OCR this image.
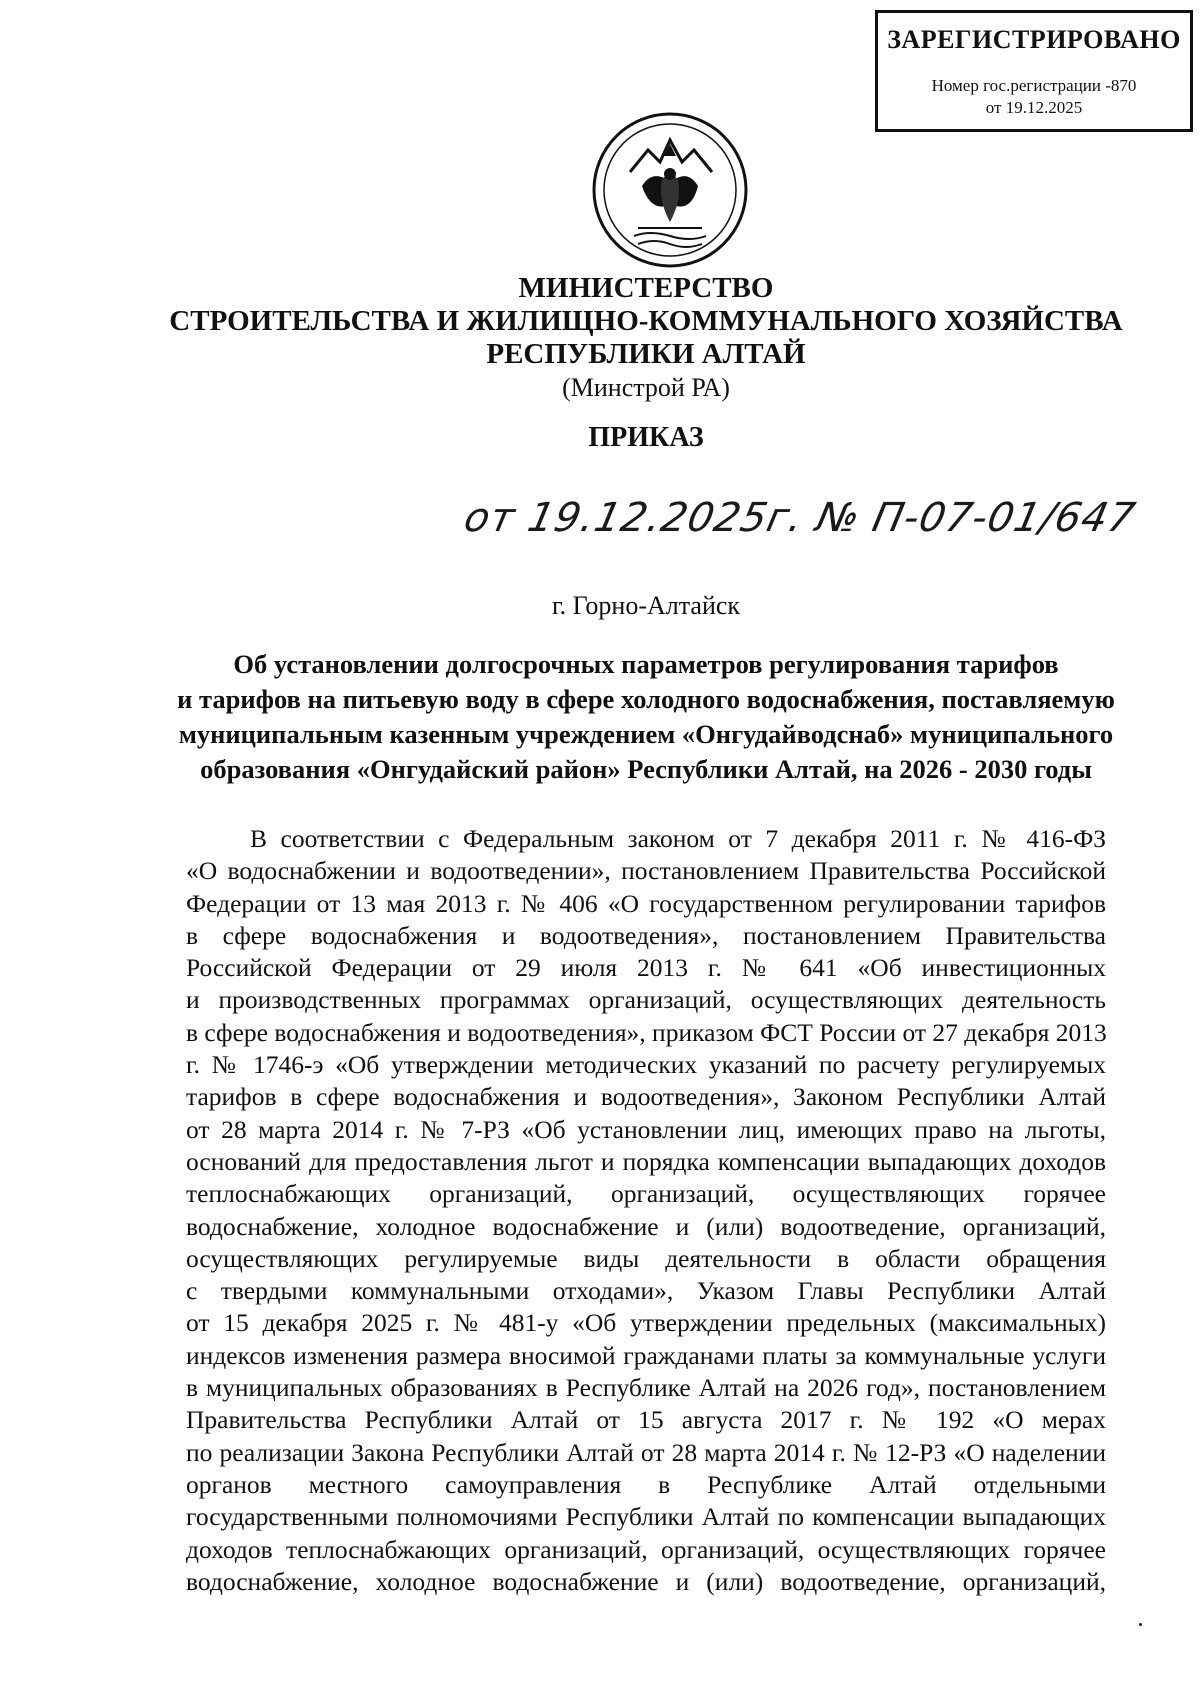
ЗАРЕГИСТРИРОВАНО
Номер гос.регистрации -870
от 19.12.2025

МИНИСТЕРСТВО

СТРОИТЕЛЬСТВА И ЖИЛИЩНО-КОММУНАЛЬНОГО ХОЗЯЙСТВА

РЕСПУБЛИКИ АЛТАЙ

(Минстрой РА)

ПРИКАЗ
от 19.12.2025г. № П-07-01/647
г. Горно-Алтайск
Об установлении долгосрочных параметров регулирования тарифов
и тарифов на питьевую воду в сфере холодного водоснабжения, поставляемую
муниципальным казенным учреждением «Онгудайводснаб» муниципального
образования «Онгудайский район» Республики Алтай, на 2026 - 2030 годы
В соответствии с Федеральным законом от 7 декабря 2011 г. № 416-ФЗ
«О водоснабжении и водоотведении», постановлением Правительства Российской
Федерации от 13 мая 2013 г. № 406 «О государственном регулировании тарифов
в сфере водоснабжения и водоотведения», постановлением Правительства
Российской Федерации от 29 июля 2013 г. № 641 «Об инвестиционных
и производственных программах организаций, осуществляющих деятельность
в сфере водоснабжения и водоотведения», приказом ФСТ России от 27 декабря 2013
г. № 1746-э «Об утверждении методических указаний по расчету регулируемых
тарифов в сфере водоснабжения и водоотведения», Законом Республики Алтай
от 28 марта 2014 г. № 7-РЗ «Об установлении лиц, имеющих право на льготы,
оснований для предоставления льгот и порядка компенсации выпадающих доходов
теплоснабжающих организаций, организаций, осуществляющих горячее
водоснабжение, холодное водоснабжение и (или) водоотведение, организаций,
осуществляющих регулируемые виды деятельности в области обращения
с твердыми коммунальными отходами», Указом Главы Республики Алтай
от 15 декабря 2025 г. № 481-у «Об утверждении предельных (максимальных)
индексов изменения размера вносимой гражданами платы за коммунальные услуги
в муниципальных образованиях в Республике Алтай на 2026 год», постановлением
Правительства Республики Алтай от 15 августа 2017 г. № 192 «О мерах
по реализации Закона Республики Алтай от 28 марта 2014 г. № 12-РЗ «О наделении
органов местного самоуправления в Республике Алтай отдельными
государственными полномочиями Республики Алтай по компенсации выпадающих
доходов теплоснабжающих организаций, организаций, осуществляющих горячее
водоснабжение, холодное водоснабжение и (или) водоотведение, организаций,
